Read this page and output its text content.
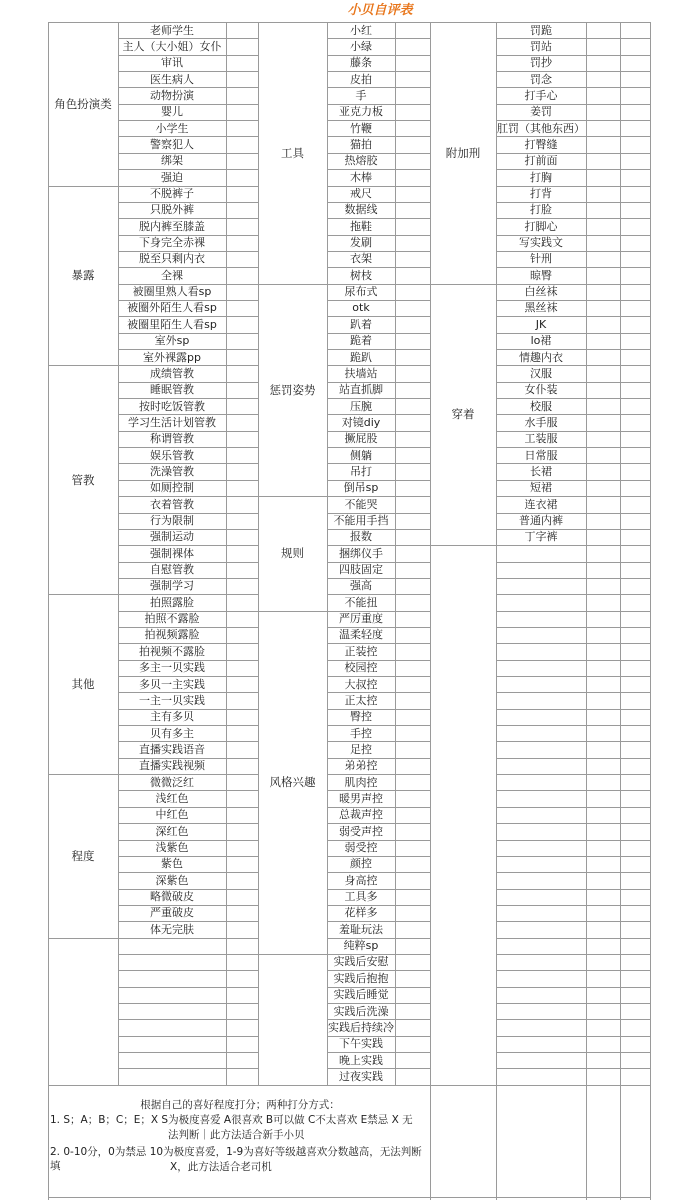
小贝自评表
老师学生
主人（大小姐）女仆
审讯
医生病人
动物扮演
婴儿
小学生
警察犯人
绑架
强迫
角色扮演类
不脱裤子
只脱外裤
脱内裤至膝盖
下身完全赤裸
脱至只剩内衣
全裸
被圈里熟人看sp
被圈外陌生人看sp
被圈里陌生人看sp
室外sp
室外裸露pp
暴露
成绩管教
睡眠管教
按时吃饭管教
学习生活计划管教
称谓管教
娱乐管教
洗澡管教
如厕控制
衣着管教
行为限制
强制运动
强制裸体
自慰管教
强制学习
管教
拍照露脸
拍照不露脸
拍视频露脸
拍视频不露脸
多主一贝实践
多贝一主实践
一主一贝实践
主有多贝
贝有多主
直播实践语音
直播实践视频
其他
微微泛红
浅红色
中红色
深红色
浅紫色
紫色
深紫色
略微破皮
严重破皮
体无完肤
程度
小红
小绿
藤条
皮拍
手
亚克力板
竹鞭
猫拍
热熔胶
木棒
戒尺
数据线
拖鞋
发刷
衣架
树枝
工具
尿布式
otk
趴着
跪着
跪趴
扶墙站
站直抓脚
压腕
对镜diy
撅屁股
侧躺
吊打
倒吊sp
惩罚姿势
不能哭
不能用手挡
报数
捆绑仪手
四肢固定
强高
不能扭
规则
严厉重度
温柔轻度
正装控
校园控
大叔控
正太控
臀控
手控
足控
弟弟控
肌肉控
暖男声控
总裁声控
弱受声控
弱受控
颜控
身高控
工具多
花样多
羞耻玩法
纯粹sp
风格兴趣
实践后安慰
实践后抱抱
实践后睡觉
实践后洗澡
实践后持续冷
下午实践
晚上实践
过夜实践
罚跪
罚站
罚抄
罚念
打手心
姜罚
肛罚（其他东西）
打臀缝
打前面
打胸
打背
打脸
打脚心
写实践文
针刑
晾臀
附加刑
白丝袜
黑丝袜
JK
lo裙
情趣内衣
汉服
女仆装
校服
水手服
工装服
日常服
长裙
短裙
连衣裙
普通内裤
丁字裤
穿着
根据自己的喜好程度打分；两种打分方式：
1. S；A；B；C；E；X S为极度喜爱 A很喜欢 B可以做 C不太喜欢 E禁忌 X 无
法判断｜此方法适合新手小贝
2. 0-10分，0为禁忌 10为极度喜爱，1-9为喜好等级越喜欢分数越高，无法判断填	X，此方法适合老司机
